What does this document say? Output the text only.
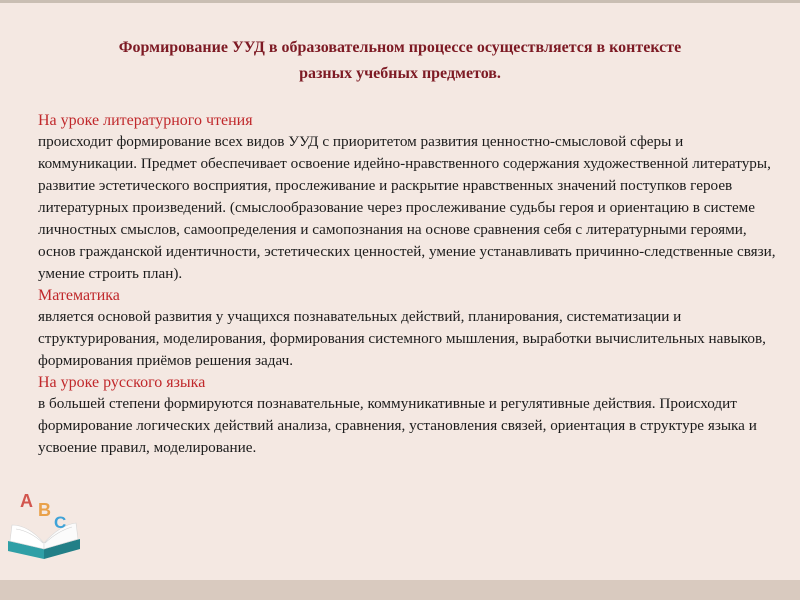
Формирование УУД в образовательном процессе осуществляется в контексте
разных учебных предметов.
На уроке литературного чтения
происходит формирование всех видов УУД с приоритетом развития ценностно-смысловой сферы и коммуникации. Предмет обеспечивает освоение идейно-нравственного содержания художественной литературы, развитие эстетического восприятия, прослеживание и раскрытие нравственных значений поступков героев литературных произведений. (смыслообразование через прослеживание судьбы героя и ориентацию в системе личностных смыслов, самоопределения и самопознания на основе сравнения себя с литературными героями, основ гражданской идентичности, эстетических ценностей, умение устанавливать причинно-следственные связи, умение строить план).
Математика
является основой развития у учащихся познавательных действий, планирования, систематизации и структурирования, моделирования, формирования системного мышления, выработки вычислительных навыков, формирования приёмов решения задач.
На уроке русского языка
в большей степени формируются познавательные, коммуникативные и регулятивные действия. Происходит формирование логических действий анализа, сравнения, установления связей, ориентация в структуре языка и усвоение правил, моделирование.
A B
C
